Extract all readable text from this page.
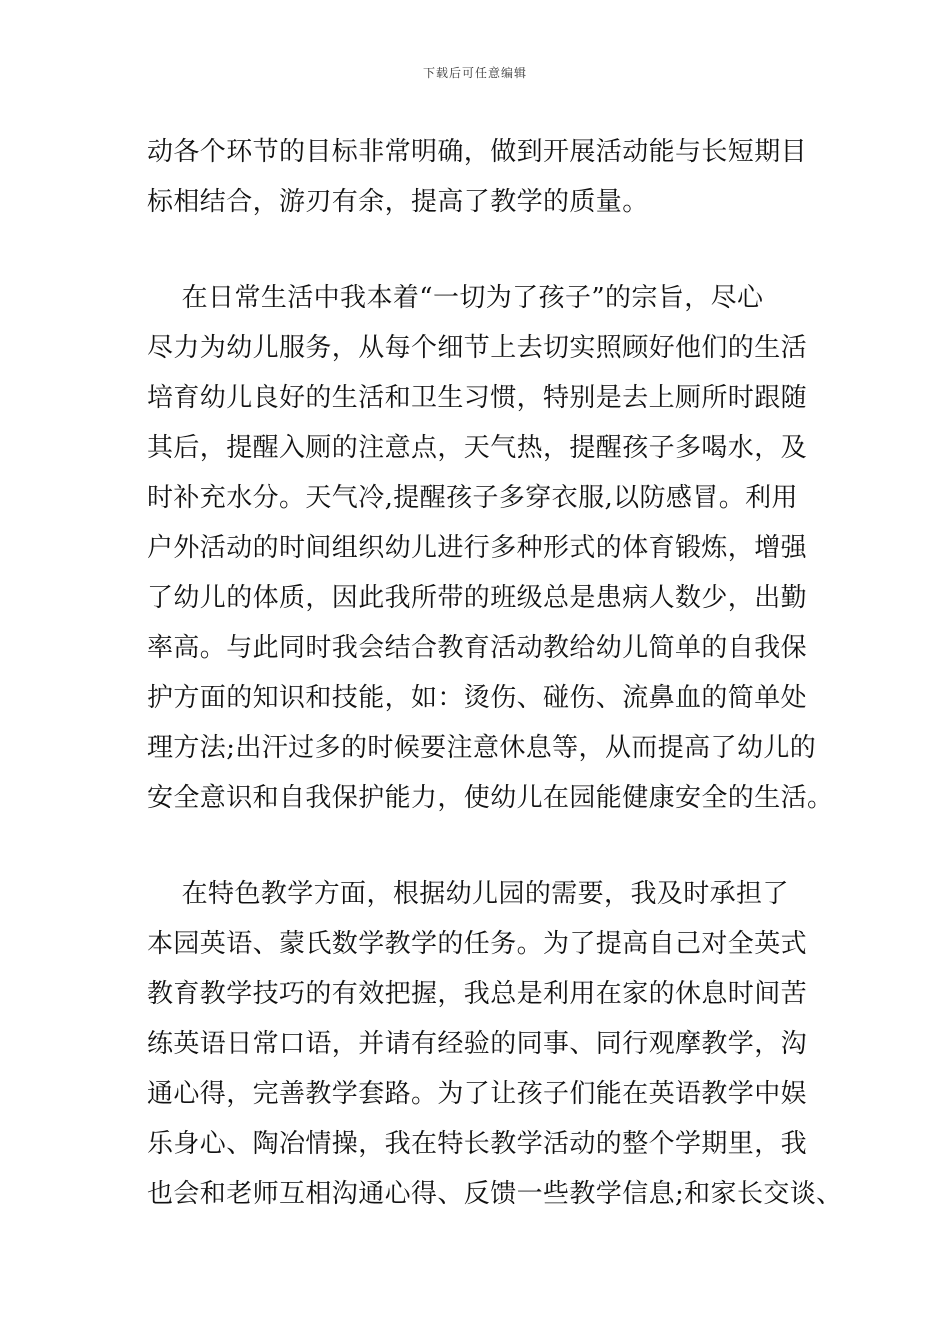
下载后可任意编辑
动各个环节的目标非常明确，做到开展活动能与长短期目
标相结合，游刃有余，提高了教学的质量。
在日常生活中我本着“一切为了孩子”的宗旨，尽心
尽力为幼儿服务，从每个细节上去切实照顾好他们的生活
培育幼儿良好的生活和卫生习惯，特别是去上厕所时跟随
其后，提醒入厕的注意点，天气热，提醒孩子多喝水，及
时补充水分。天气冷,提醒孩子多穿衣服,以防感冒。利用
户外活动的时间组织幼儿进行多种形式的体育锻炼，增强
了幼儿的体质，因此我所带的班级总是患病人数少，出勤
率高。与此同时我会结合教育活动教给幼儿简单的自我保
护方面的知识和技能，如：烫伤、碰伤、流鼻血的简单处
理方法;出汗过多的时候要注意休息等，从而提高了幼儿的
安全意识和自我保护能力，使幼儿在园能健康安全的生活。
在特色教学方面，根据幼儿园的需要，我及时承担了
本园英语、蒙氏数学教学的任务。为了提高自己对全英式
教育教学技巧的有效把握，我总是利用在家的休息时间苦
练英语日常口语，并请有经验的同事、同行观摩教学，沟
通心得，完善教学套路。为了让孩子们能在英语教学中娱
乐身心、陶冶情操，我在特长教学活动的整个学期里，我
也会和老师互相沟通心得、反馈一些教学信息;和家长交谈、
